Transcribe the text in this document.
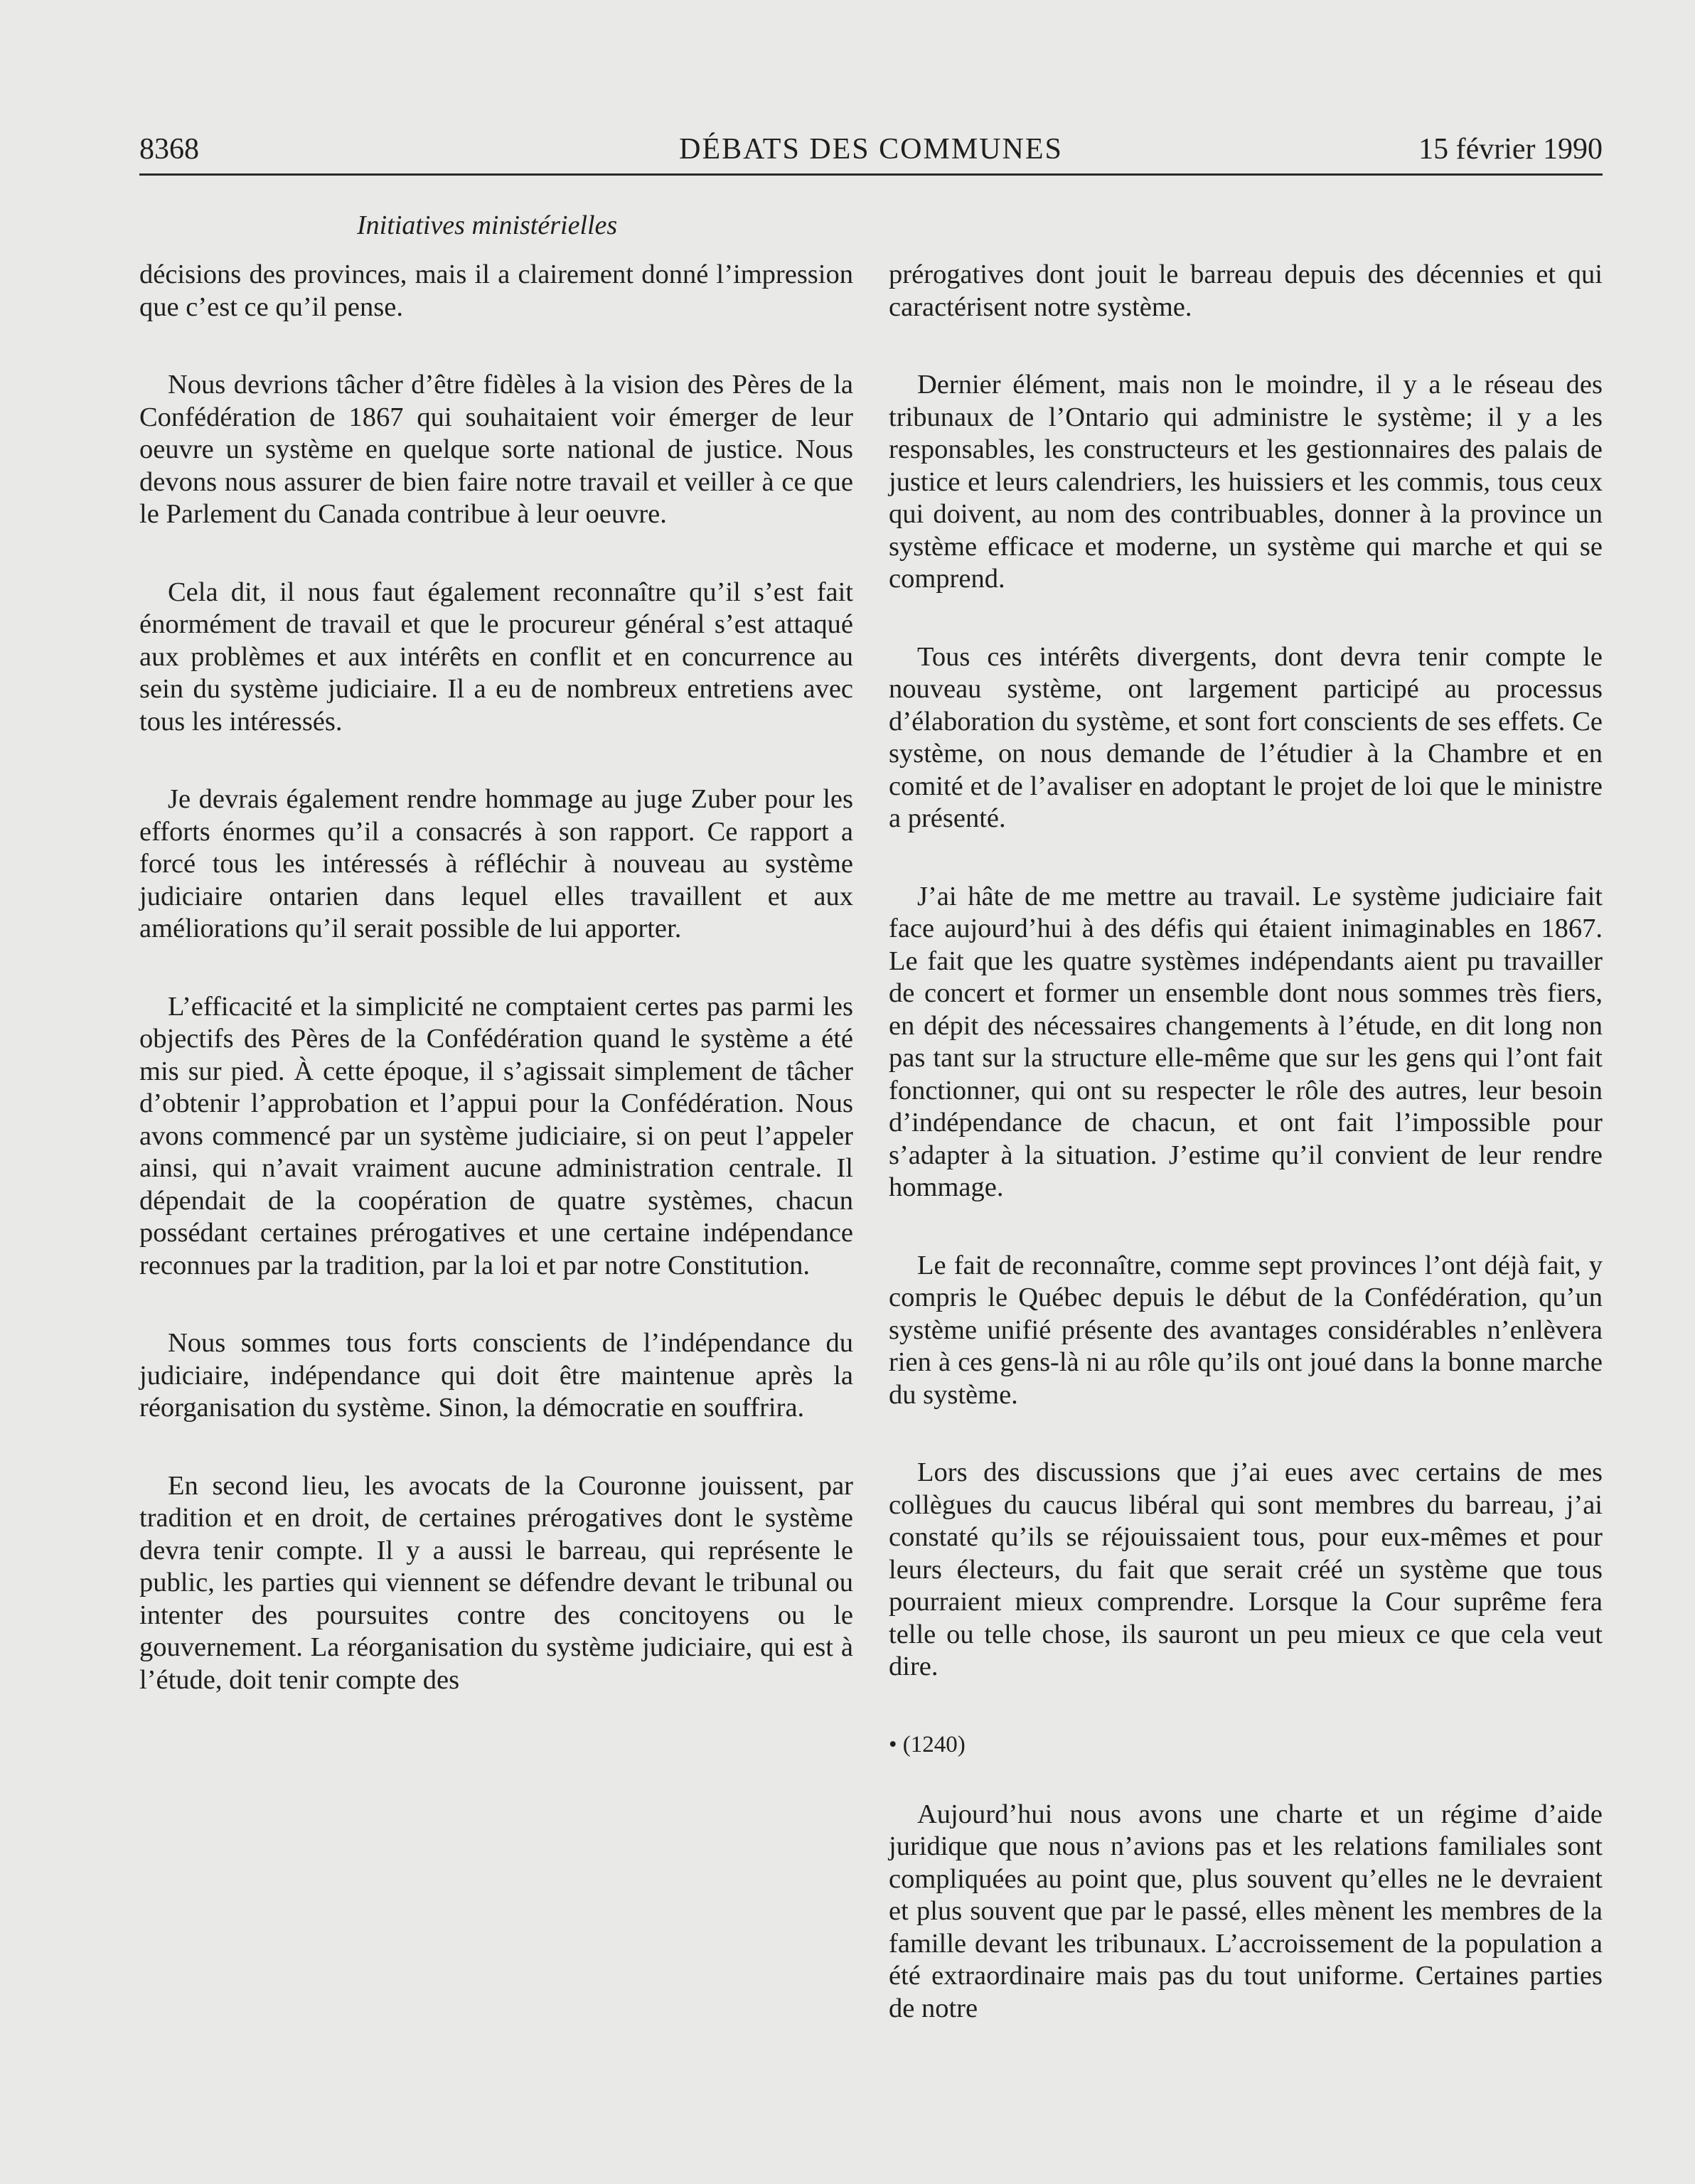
8368	DÉBATS DES COMMUNES	15 février 1990
Initiatives ministérielles

décisions des provinces, mais il a clairement donné l’impression que c’est ce qu’il pense.

Nous devrions tâcher d’être fidèles à la vision des Pères de la Confédération de 1867 qui souhaitaient voir émerger de leur oeuvre un système en quelque sorte national de justice. Nous devons nous assurer de bien faire notre travail et veiller à ce que le Parlement du Canada contribue à leur oeuvre.

Cela dit, il nous faut également reconnaître qu’il s’est fait énormément de travail et que le procureur général s’est attaqué aux problèmes et aux intérêts en conflit et en concurrence au sein du système judiciaire. Il a eu de nombreux entretiens avec tous les intéressés.

Je devrais également rendre hommage au juge Zuber pour les efforts énormes qu’il a consacrés à son rapport. Ce rapport a forcé tous les intéressés à réfléchir à nouveau au système judiciaire ontarien dans lequel elles travaillent et aux améliorations qu’il serait possible de lui apporter.

L’efficacité et la simplicité ne comptaient certes pas parmi les objectifs des Pères de la Confédération quand le système a été mis sur pied. À cette époque, il s’agissait simplement de tâcher d’obtenir l’approbation et l’appui pour la Confédération. Nous avons commencé par un système judiciaire, si on peut l’appeler ainsi, qui n’avait vraiment aucune administration centrale. Il dépendait de la coopération de quatre systèmes, chacun possédant certaines prérogatives et une certaine indépendance reconnues par la tradition, par la loi et par notre Constitution.

Nous sommes tous forts conscients de l’indépendance du judiciaire, indépendance qui doit être maintenue après la réorganisation du système. Sinon, la démocratie en souffrira.

En second lieu, les avocats de la Couronne jouissent, par tradition et en droit, de certaines prérogatives dont le système devra tenir compte. Il y a aussi le barreau, qui représente le public, les parties qui viennent se défendre devant le tribunal ou intenter des poursuites contre des concitoyens ou le gouvernement. La réorganisation du système judiciaire, qui est à l’étude, doit tenir compte des

prérogatives dont jouit le barreau depuis des décennies et qui caractérisent notre système.

Dernier élément, mais non le moindre, il y a le réseau des tribunaux de l’Ontario qui administre le système; il y a les responsables, les constructeurs et les gestionnaires des palais de justice et leurs calendriers, les huissiers et les commis, tous ceux qui doivent, au nom des contribuables, donner à la province un système efficace et moderne, un système qui marche et qui se comprend.

Tous ces intérêts divergents, dont devra tenir compte le nouveau système, ont largement participé au processus d’élaboration du système, et sont fort conscients de ses effets. Ce système, on nous demande de l’étudier à la Chambre et en comité et de l’avaliser en adoptant le projet de loi que le ministre a présenté.

J’ai hâte de me mettre au travail. Le système judiciaire fait face aujourd’hui à des défis qui étaient inimaginables en 1867. Le fait que les quatre systèmes indépendants aient pu travailler de concert et former un ensemble dont nous sommes très fiers, en dépit des nécessaires changements à l’étude, en dit long non pas tant sur la structure elle-même que sur les gens qui l’ont fait fonctionner, qui ont su respecter le rôle des autres, leur besoin d’indépendance de chacun, et ont fait l’impossible pour s’adapter à la situation. J’estime qu’il convient de leur rendre hommage.

Le fait de reconnaître, comme sept provinces l’ont déjà fait, y compris le Québec depuis le début de la Confédération, qu’un système unifié présente des avantages considérables n’enlèvera rien à ces gens-là ni au rôle qu’ils ont joué dans la bonne marche du système.

Lors des discussions que j’ai eues avec certains de mes collègues du caucus libéral qui sont membres du barreau, j’ai constaté qu’ils se réjouissaient tous, pour eux-mêmes et pour leurs électeurs, du fait que serait créé un système que tous pourraient mieux comprendre. Lorsque la Cour suprême fera telle ou telle chose, ils sauront un peu mieux ce que cela veut dire.

• (1240)

Aujourd’hui nous avons une charte et un régime d’aide juridique que nous n’avions pas et les relations familiales sont compliquées au point que, plus souvent qu’elles ne le devraient et plus souvent que par le passé, elles mènent les membres de la famille devant les tribunaux. L’accroissement de la population a été extraordinaire mais pas du tout uniforme. Certaines parties de notre
